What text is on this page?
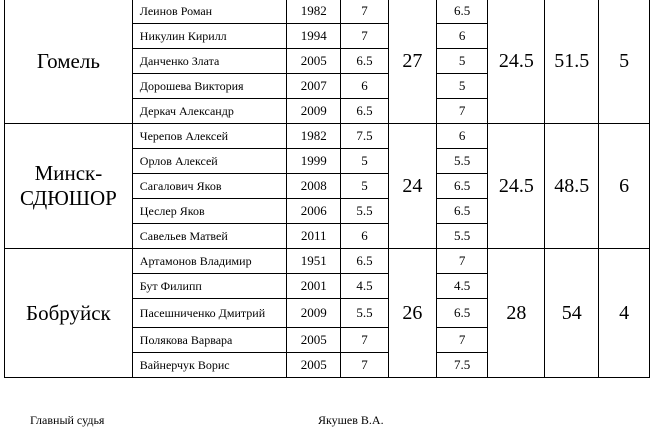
Гомель	Леинов Роман	1982	7	27	6.5	24.5	51.5	5
	Никулин Кирилл	1994	7		6			
	Данченко Злата	2005	6.5		5			
	Дорошева Виктория	2007	6		5			
	Деркач Александр	2009	6.5		7			
Минск-СДЮШОР	Черепов Алексей	1982	7.5	24	6	24.5	48.5	6
	Орлов Алексей	1999	5		5.5			
	Сагалович Яков	2008	5		6.5			
	Цеслер Яков	2006	5.5		6.5			
	Савельев Матвей	2011	6		5.5			
Бобруйск	Артамонов Владимир	1951	6.5	26	7	28	54	4
	Бут Филипп	2001	4.5		4.5			
	Пасешниченко Дмитрий	2009	5.5		6.5			
	Полякова Варвара	2005	7		7			
	Вайнерчук Ворис	2005	7		7.5			
Главный судья	Якушев В.А.
